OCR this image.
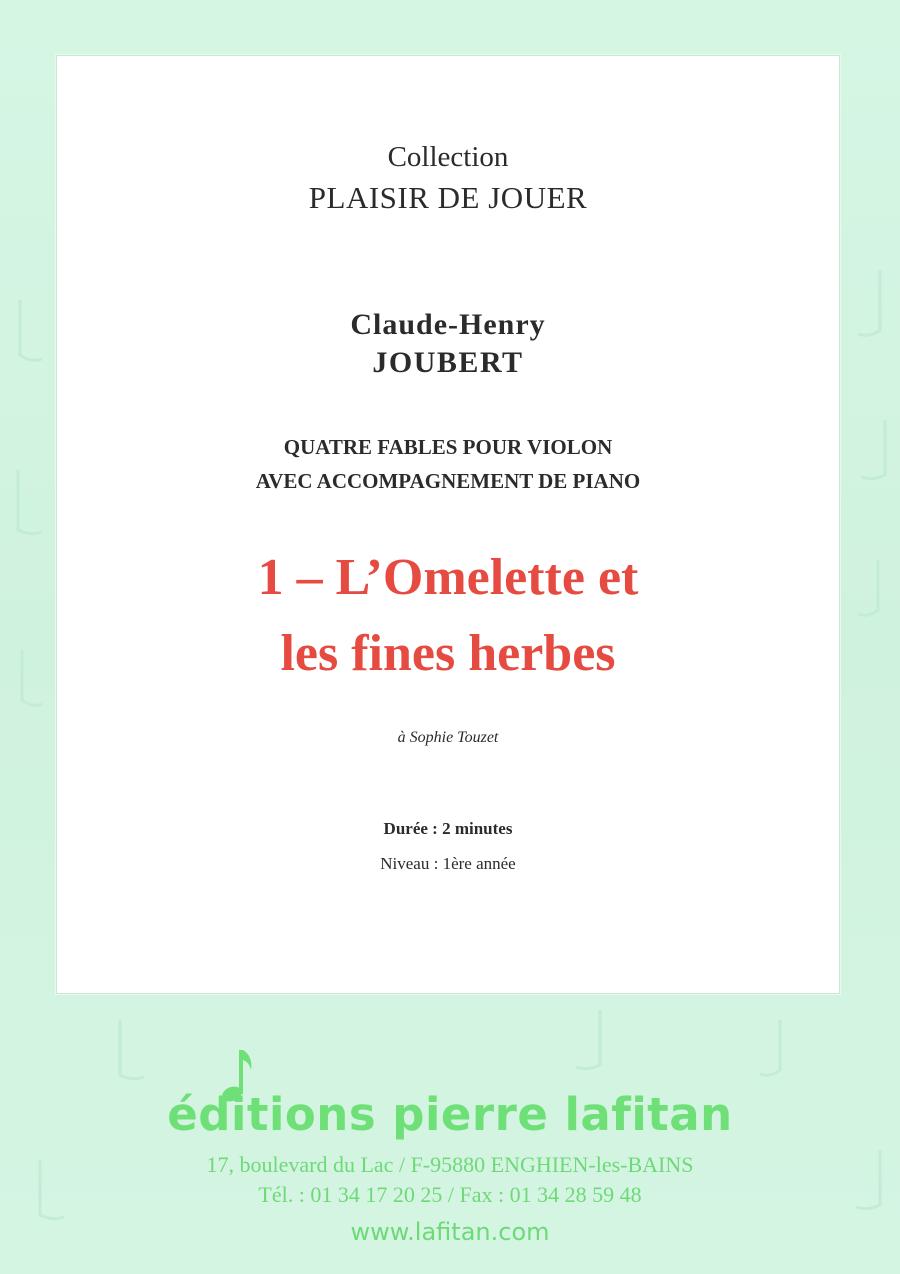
Collection
PLAISIR DE JOUER
Claude-Henry
JOUBERT
QUATRE FABLES POUR VIOLON
AVEC ACCOMPAGNEMENT DE PIANO
1 – L’Omelette et
les fines herbes
à Sophie Touzet
Durée : 2 minutes
Niveau : 1ère année
éditions pierre lafitan
17, boulevard du Lac / F-95880 ENGHIEN-les-BAINS
Tél. : 01 34 17 20 25 / Fax : 01 34 28 59 48
www.lafitan.com
